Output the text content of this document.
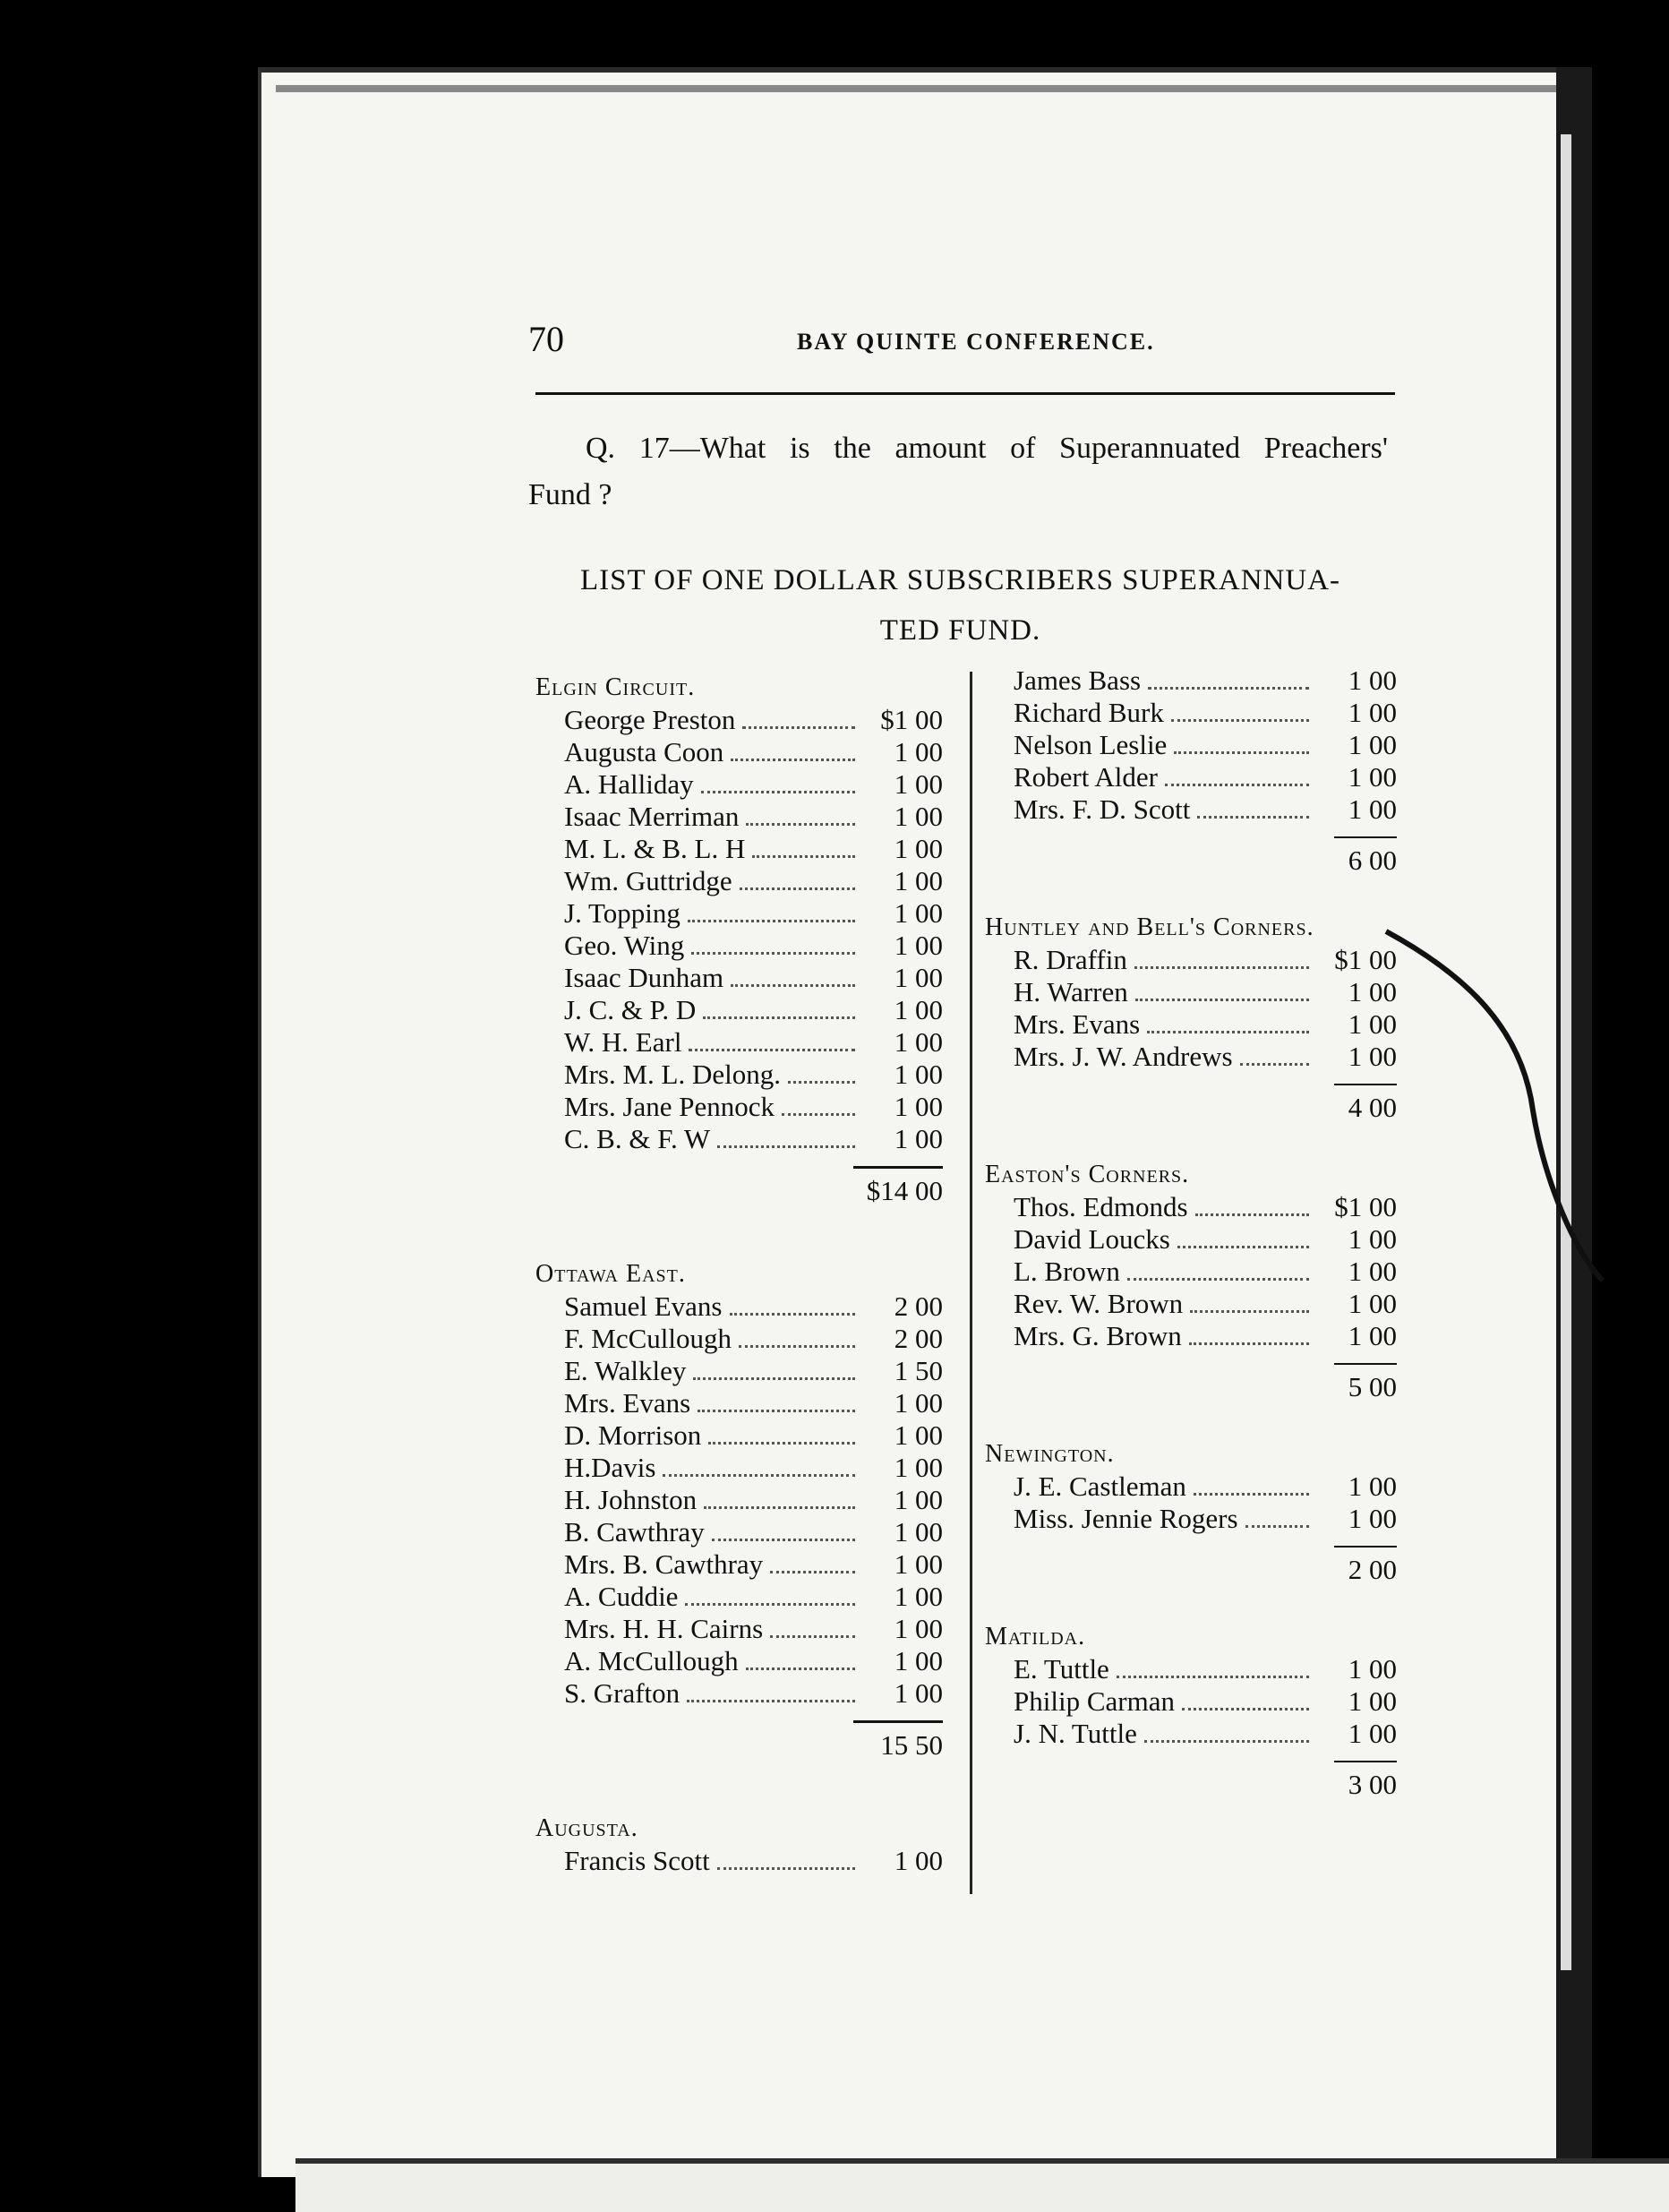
70	BAY QUINTE CONFERENCE.
Q. 17—What is the amount of Superannuated Preachers'
Fund ?
LIST OF ONE DOLLAR SUBSCRIBERS SUPERANNUA-
TED FUND.
Elgin Circuit.
George Preston	$1 00
Augusta Coon	1 00
A. Halliday	1 00
Isaac Merriman	1 00
M. L. & B. L. H	1 00
Wm. Guttridge	1 00
J. Topping	1 00
Geo. Wing	1 00
Isaac Dunham	1 00
J. C. & P. D	1 00
W. H. Earl	1 00
Mrs. M. L. Delong.	1 00
Mrs. Jane Pennock	1 00
C. B. & F. W	1 00
$14 00
Ottawa East.
Samuel Evans	2 00
F. McCullough	2 00
E. Walkley	1 50
Mrs. Evans	1 00
D. Morrison	1 00
H.Davis	1 00
H. Johnston	1 00
B. Cawthray	1 00
Mrs. B. Cawthray	1 00
A. Cuddie	1 00
Mrs. H. H. Cairns	1 00
A. McCullough	1 00
S. Grafton	1 00
15 50
Augusta.
Francis Scott	1 00
James Bass	1 00
Richard Burk	1 00
Nelson Leslie	1 00
Robert Alder	1 00
Mrs. F. D. Scott	1 00
6 00
Huntley and Bell's Corners.
R. Draffin	$1 00
H. Warren	1 00
Mrs. Evans	1 00
Mrs. J. W. Andrews	1 00
4 00
Easton's Corners.
Thos. Edmonds	$1 00
David Loucks	1 00
L. Brown	1 00
Rev. W. Brown	1 00
Mrs. G. Brown	1 00
5 00
Newington.
J. E. Castleman	1 00
Miss. Jennie Rogers	1 00
2 00
Matilda.
E. Tuttle	1 00
Philip Carman	1 00
J. N. Tuttle	1 00
3 00
